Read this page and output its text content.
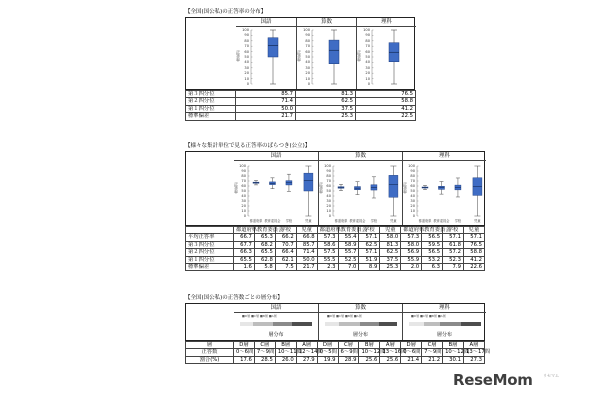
【全国(国公私)の正答率の分布】
国語
100
90
80
70
60
50
40
30
20
10
0
正答率
算数
100
90
80
70
60
50
40
30
20
10
0
正答率
理科
100
90
80
70
60
50
40
30
20
10
0
正答率
第３四分位	85.7	81.3	76.5
第２四分位	71.4	62.5	58.8
第１四分位	50.0	37.5	41.2
標準偏差	21.7	25.3	22.5
【様々な集計単位で見る正答率のばらつき(公立)】
国語
100
90
80
70
60
50
40
30
20
10
0
正答率
都道府県 教育委員会 学校	児童
算数
100
90
80
70
60
50
40
30
20
10
0
正答率
都道府県 教育委員会 学校	児童
理科
100
90
80
70
60
50
40
30
20
10
0
正答率
都道府県 教育委員会 学校	児童
	都道府県	教育委員会	学校	児童	都道府県	教育委員会	学校	児童	都道府県	教育委員会	学校	児童
平均正答率	66.7	65.3	66.2	66.8	57.3	55.4	57.1	58.0	57.3	56.5	57.1	57.1
第３四分位	67.7	68.2	70.7	85.7	58.6	58.9	62.5	81.3	58.0	59.5	61.8	76.5
第２四分位	66.3	65.5	66.4	71.4	57.5	55.7	57.1	62.5	56.9	56.5	57.2	58.8
第１四分位	65.5	62.8	62.1	50.0	55.5	52.5	51.9	37.5	55.9	53.2	52.3	41.2
標準偏差	1.6	5.8	7.5	21.7	2.3	7.0	8.9	25.3	2.0	6.3	7.9	22.6
【全国(国公私)の正答数ごとの層分布】
国語
■D層 ■C層 ■B層 ■A層
層分布
算数
■D層 ■C層 ■B層 ■A層
層分布
理科
■D層 ■C層 ■B層 ■A層
層分布
層	D層	C層	B層	A層	D層	C層	B層	A層	D層	C層	B層	A層
正答数	0〜6問	7〜9問	10〜11問	12〜14問	0〜5問	6〜9問	10〜12問	13〜16問	0〜6問	7〜9問	10〜12問	13〜17問
割合(%)	17.6	28.5	26.0	27.9	19.9	28.9	25.6	25.6	21.4	21.2	30.1	27.3
ReseMom	リセマム
